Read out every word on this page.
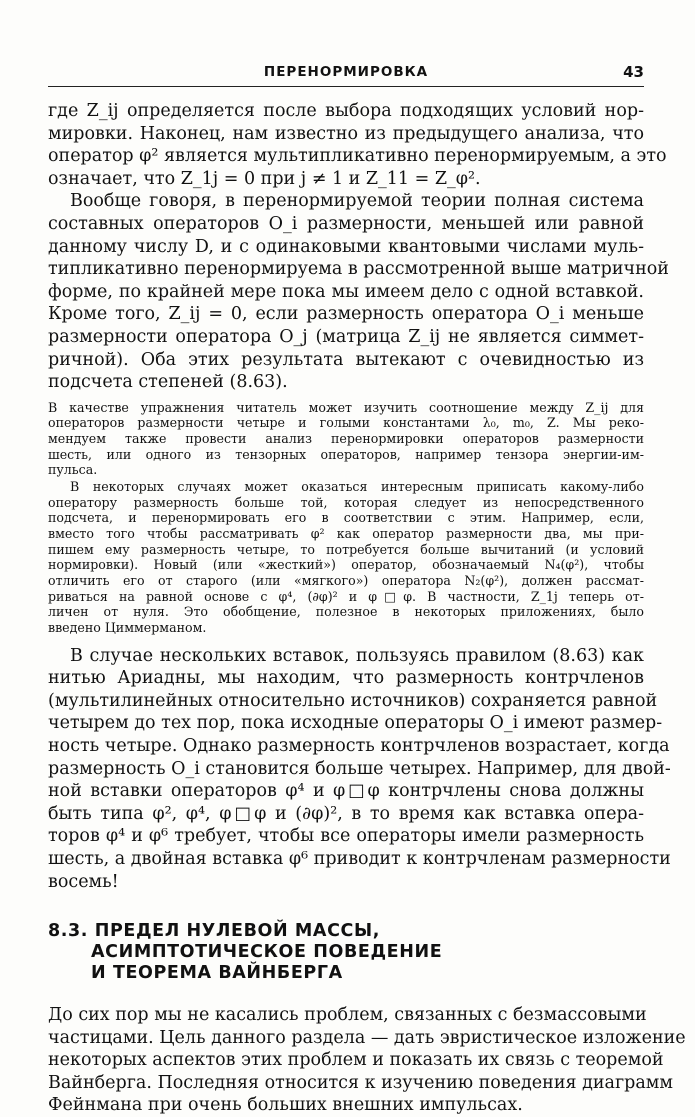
ПЕРЕНОРМИРОВКА	43
где Z_ij определяется после выбора подходящих условий нор-
мировки. Наконец, нам известно из предыдущего анализа, что
оператор φ² является мультипликативно перенормируемым, а это
означает, что Z_1j = 0 при j ≠ 1 и Z_11 = Z_φ².
Вообще говоря, в перенормируемой теории полная система
составных операторов O_i размерности, меньшей или равной
данному числу D, и с одинаковыми квантовыми числами муль-
типликативно перенормируема в рассмотренной выше матричной
форме, по крайней мере пока мы имеем дело с одной вставкой.
Кроме того, Z_ij = 0, если размерность оператора O_i меньше
размерности оператора O_j (матрица Z_ij не является симмет-
ричной). Оба этих результата вытекают с очевидностью из
подсчета степеней (8.63).
В качестве упражнения читатель может изучить соотношение между Z_ij для
операторов размерности четыре и голыми константами λ₀, m₀, Z. Мы реко-
мендуем также провести анализ перенормировки операторов размерности
шесть, или одного из тензорных операторов, например тензора энергии-им-
пульса.
В некоторых случаях может оказаться интересным приписать какому-либо
оператору размерность больше той, которая следует из непосредственного
подсчета, и перенормировать его в соответствии с этим. Например, если,
вместо того чтобы рассматривать φ² как оператор размерности два, мы при-
пишем ему размерность четыре, то потребуется больше вычитаний (и условий
нормировки). Новый (или «жесткий») оператор, обозначаемый N₄(φ²), чтобы
отличить его от старого (или «мягкого») оператора N₂(φ²), должен рассмат-
риваться на равной основе с φ⁴, (∂φ)² и φ□φ. В частности, Z_1j теперь от-
личен от нуля. Это обобщение, полезное в некоторых приложениях, было
введено Циммерманом.
В случае нескольких вставок, пользуясь правилом (8.63) как
нитью Ариадны, мы находим, что размерность контрчленов
(мультилинейных относительно источников) сохраняется равной
четырем до тех пор, пока исходные операторы O_i имеют размер-
ность четыре. Однако размерность контрчленов возрастает, когда
размерность O_i становится больше четырех. Например, для двой-
ной вставки операторов φ⁴ и φ□φ контрчлены снова должны
быть типа φ², φ⁴, φ□φ и (∂φ)², в то время как вставка опера-
торов φ⁴ и φ⁶ требует, чтобы все операторы имели размерность
шесть, а двойная вставка φ⁶ приводит к контрчленам размерности
восемь!
8.3. ПРЕДЕЛ НУЛЕВОЙ МАССЫ,
АСИМПТОТИЧЕСКОЕ ПОВЕДЕНИЕ
И ТЕОРЕМА ВАЙНБЕРГА
До сих пор мы не касались проблем, связанных с безмассовыми
частицами. Цель данного раздела — дать эвристическое изложение
некоторых аспектов этих проблем и показать их связь с теоремой
Вайнберга. Последняя относится к изучению поведения диаграмм
Фейнмана при очень больших внешних импульсах.
